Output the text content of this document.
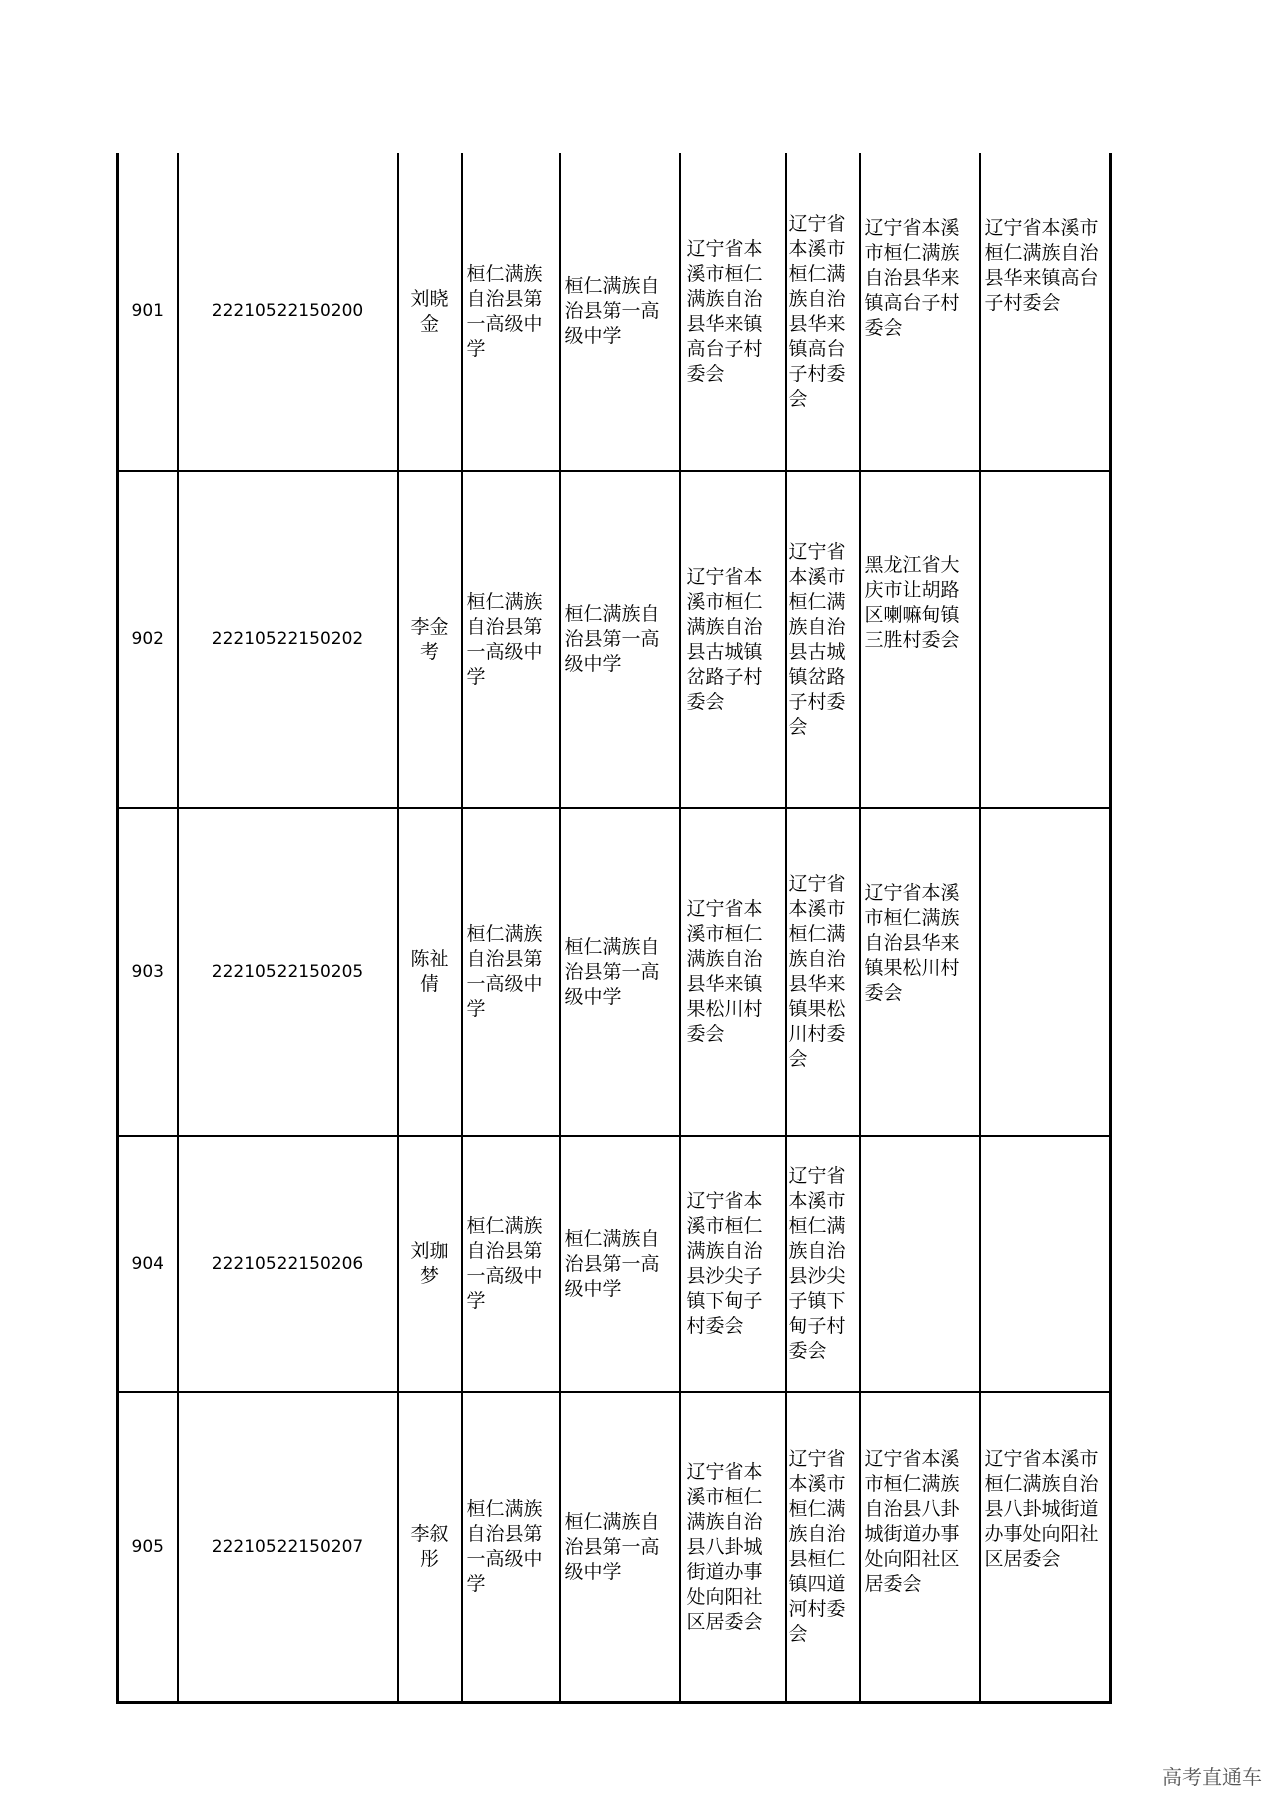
901	22210522150200	刘晓金	桓仁满族自治县第一高级中学	桓仁满族自治县第一高级中学	辽宁省本溪市桓仁满族自治县华来镇高台子村委会	辽宁省本溪市桓仁满族自治县华来镇高台子村委会	辽宁省本溪市桓仁满族自治县华来镇高台子村委会	辽宁省本溪市桓仁满族自治县华来镇高台子村委会
902	22210522150202	李金考	桓仁满族自治县第一高级中学	桓仁满族自治县第一高级中学	辽宁省本溪市桓仁满族自治县古城镇岔路子村委会	辽宁省本溪市桓仁满族自治县古城镇岔路子村委会	黑龙江省大庆市让胡路区喇嘛甸镇三胜村委会	
903	22210522150205	陈祉倩	桓仁满族自治县第一高级中学	桓仁满族自治县第一高级中学	辽宁省本溪市桓仁满族自治县华来镇果松川村委会	辽宁省本溪市桓仁满族自治县华来镇果松川村委会	辽宁省本溪市桓仁满族自治县华来镇果松川村委会	
904	22210522150206	刘珈梦	桓仁满族自治县第一高级中学	桓仁满族自治县第一高级中学	辽宁省本溪市桓仁满族自治县沙尖子镇下甸子村委会	辽宁省本溪市桓仁满族自治县沙尖子镇下甸子村委会		
905	22210522150207	李叙彤	桓仁满族自治县第一高级中学	桓仁满族自治县第一高级中学	辽宁省本溪市桓仁满族自治县八卦城街道办事处向阳社区居委会	辽宁省本溪市桓仁满族自治县桓仁镇四道河村委会	辽宁省本溪市桓仁满族自治县八卦城街道办事处向阳社区居委会	辽宁省本溪市桓仁满族自治县八卦城街道办事处向阳社区居委会
高考直通车
